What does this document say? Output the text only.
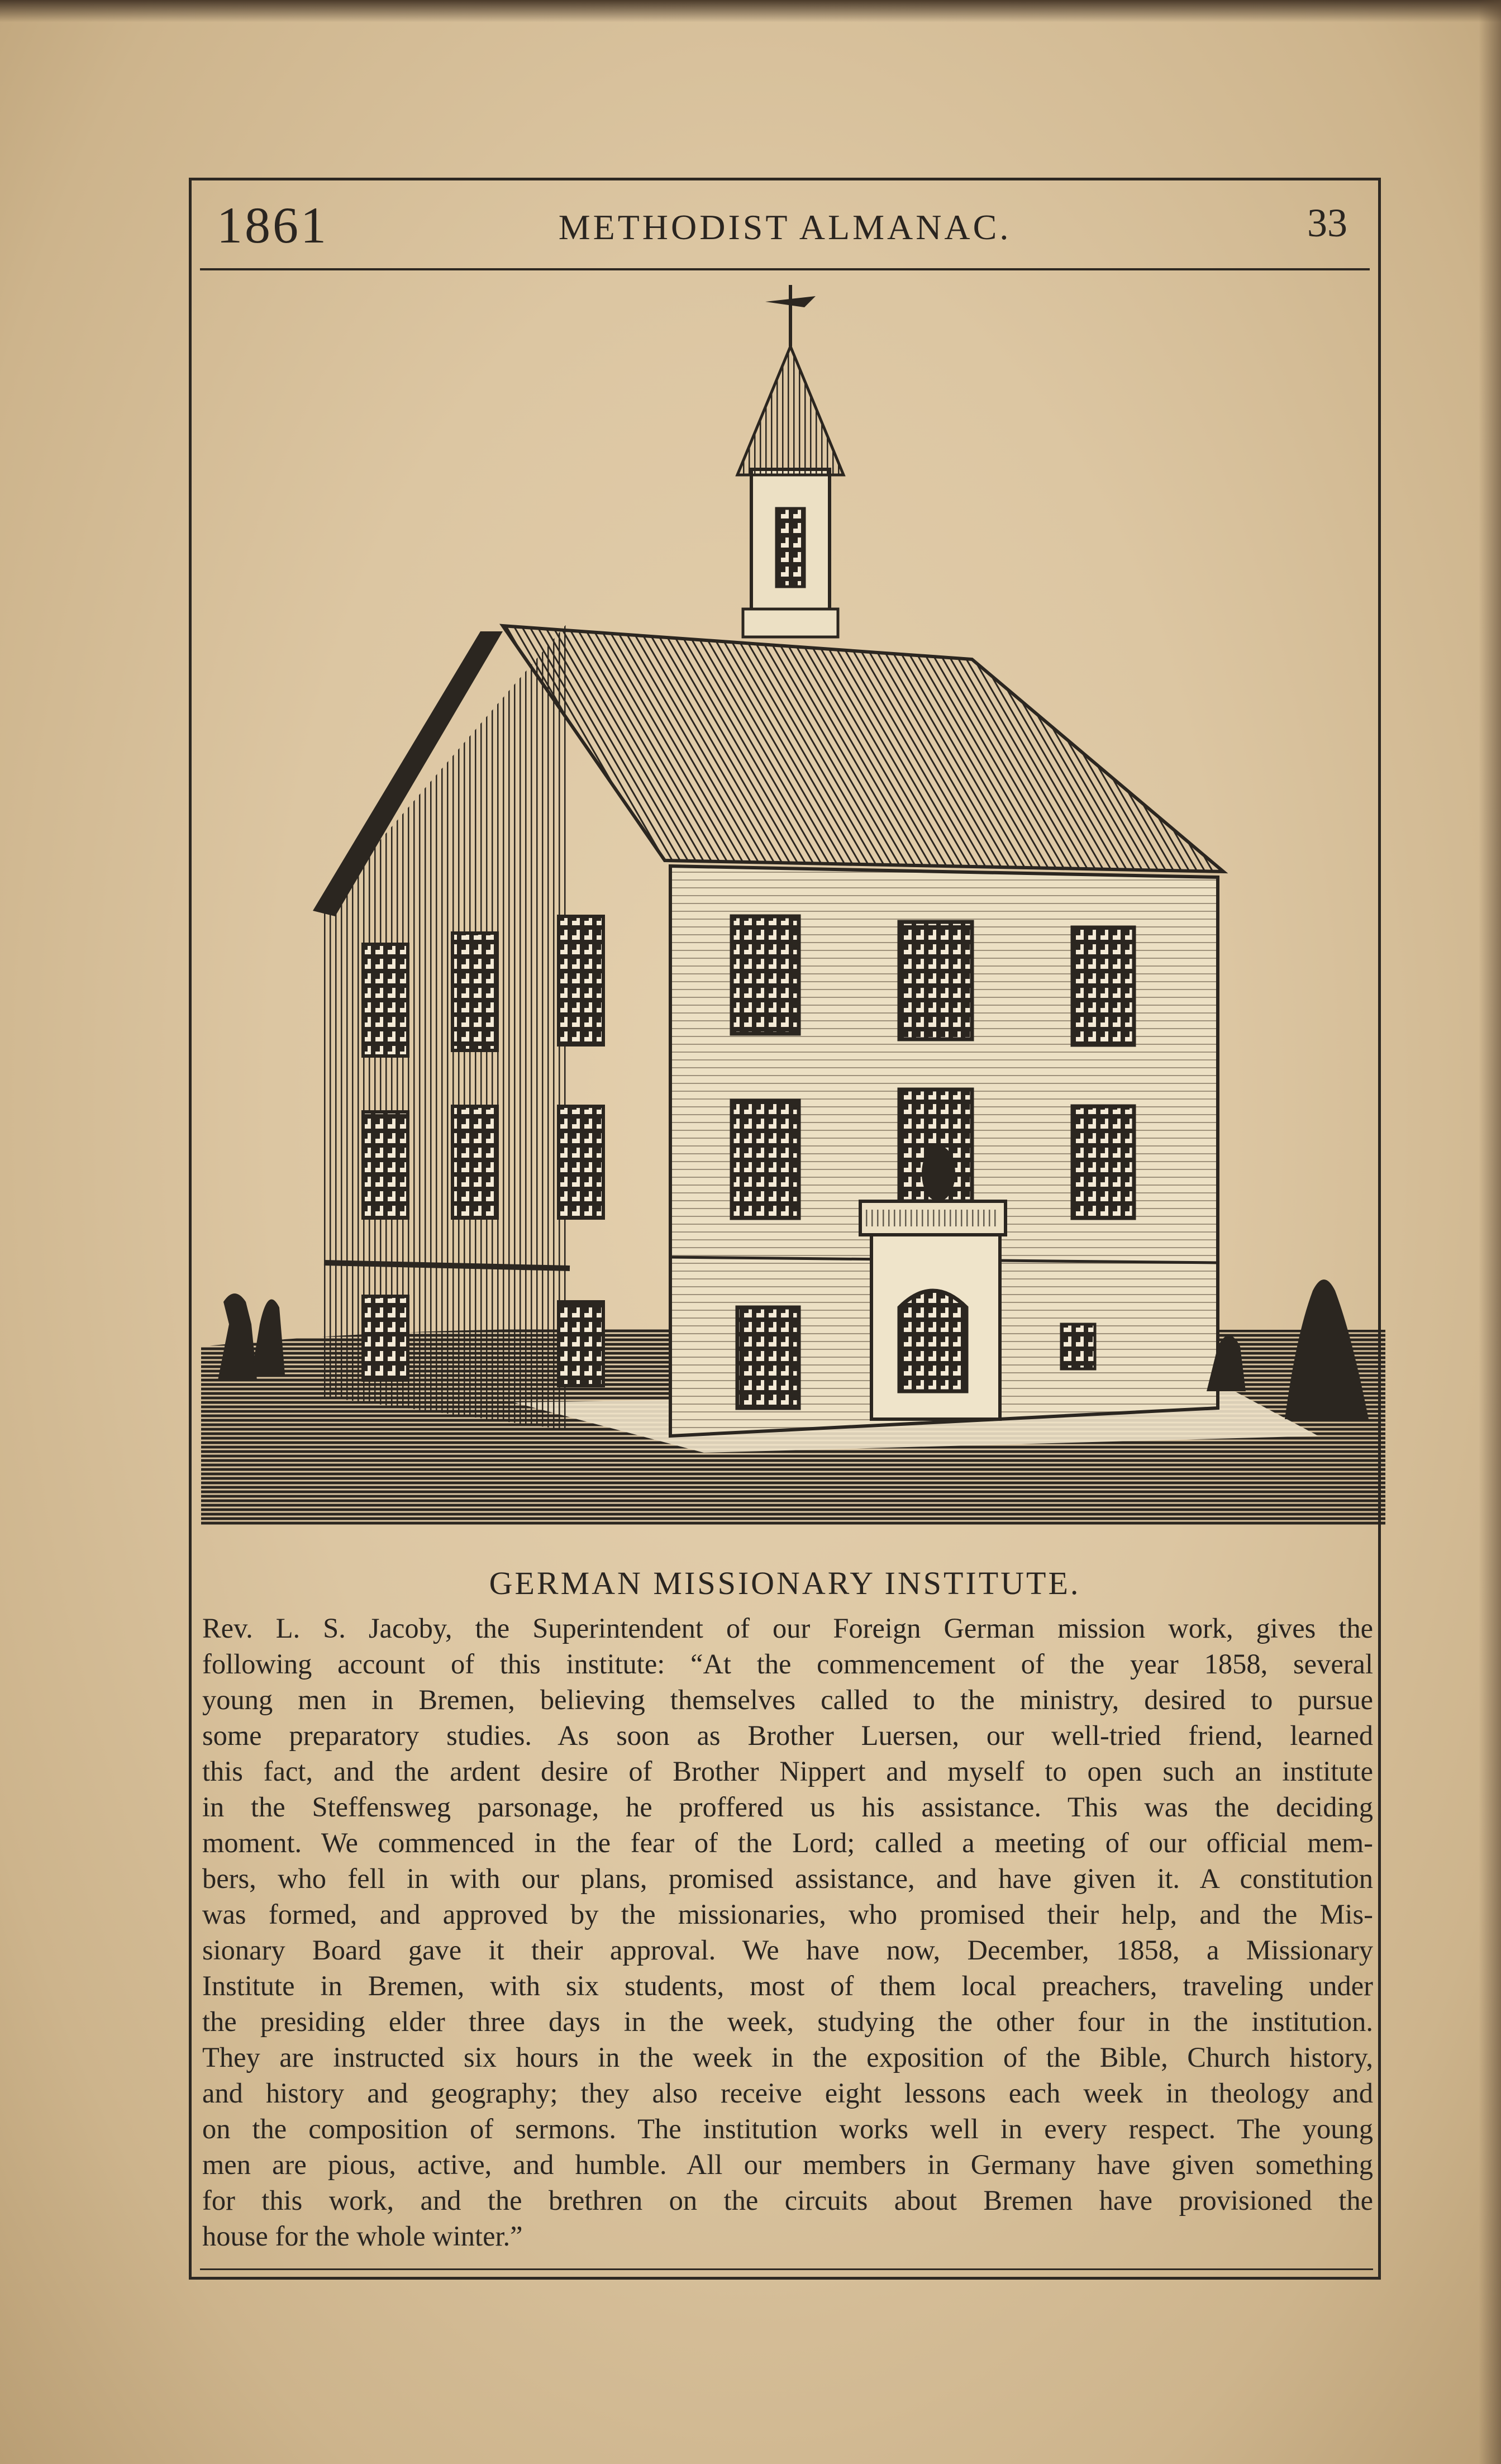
1861	METHODIST ALMANAC.	33
GERMAN MISSIONARY INSTITUTE.
Rev. L. S. Jacoby, the Superintendent of our Foreign German mission work, gives the
following account of this institute: “At the commencement of the year 1858, several
young men in Bremen, believing themselves called to the ministry, desired to pursue
some preparatory studies. As soon as Brother Luersen, our well-tried friend, learned
this fact, and the ardent desire of Brother Nippert and myself to open such an institute
in the Steffensweg parsonage, he proffered us his assistance. This was the deciding
moment. We commenced in the fear of the Lord; called a meeting of our official mem-
bers, who fell in with our plans, promised assistance, and have given it. A constitution
was formed, and approved by the missionaries, who promised their help, and the Mis-
sionary Board gave it their approval. We have now, December, 1858, a Missionary
Institute in Bremen, with six students, most of them local preachers, traveling under
the presiding elder three days in the week, studying the other four in the institution.
They are instructed six hours in the week in the exposition of the Bible, Church history,
and history and geography; they also receive eight lessons each week in theology and
on the composition of sermons. The institution works well in every respect. The young
men are pious, active, and humble. All our members in Germany have given something
for this work, and the brethren on the circuits about Bremen have provisioned the
house for the whole winter.”
